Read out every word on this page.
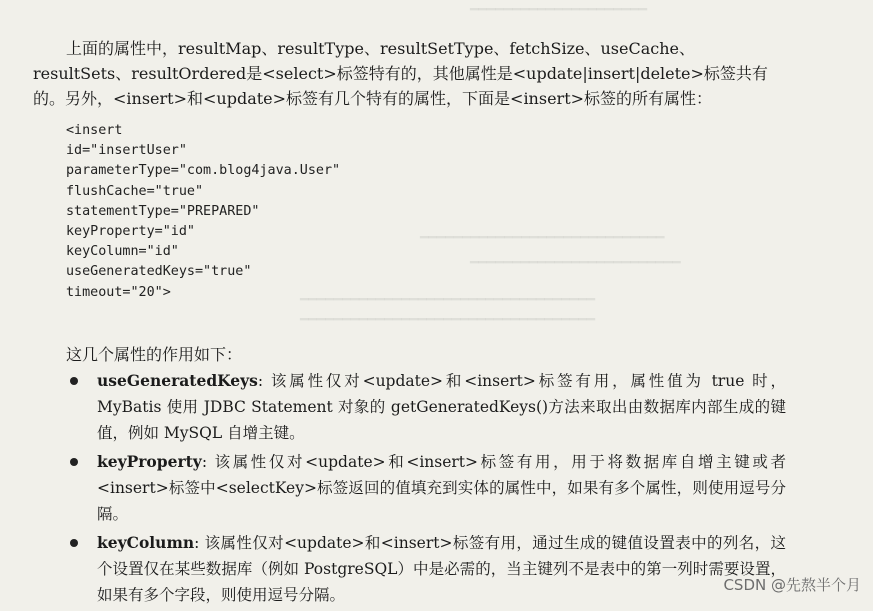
━━━━━━━━━━━━━━━━━━━━━
━━━━━━━━━━━━━━━━━━━━━━━━━━━━━
━━━━━━━━━━━━━━━━━━━━━━━━━
━━━━━━━━━━━━━━━━━━━━━━━━━━━━━━━━━━━
━━━━━━━━━━━━━━━━━━━━━━━━━━━━━━━━━━━

上面的属性中，resultMap、resultType、resultSetType、fetchSize、useCache、resultSets、resultOrdered是<select>标签特有的，其他属性是<update|insert|delete>标签共有的。另外，<insert>和<update>标签有几个特有的属性，下面是<insert>标签的所有属性：

<insert
id="insertUser"
parameterType="com.blog4java.User"
flushCache="true"
statementType="PREPARED"
keyProperty="id"
keyColumn="id"
useGeneratedKeys="true"
timeout="20">

这几个属性的作用如下：

useGeneratedKeys: 该属性仅对<update>和<insert>标签有用，属性值为 true 时，MyBatis 使用 JDBC Statement 对象的 getGeneratedKeys()方法来取出由数据库内部生成的键值，例如 MySQL 自增主键。
keyProperty: 该属性仅对<update>和<insert>标签有用，用于将数据库自增主键或者<insert>标签中<selectKey>标签返回的值填充到实体的属性中，如果有多个属性，则使用逗号分隔。
keyColumn: 该属性仅对<update>和<insert>标签有用，通过生成的键值设置表中的列名，这个设置仅在某些数据库（例如 PostgreSQL）中是必需的，当主键列不是表中的第一列时需要设置，如果有多个字段，则使用逗号分隔。
CSDN @先熬半个月
